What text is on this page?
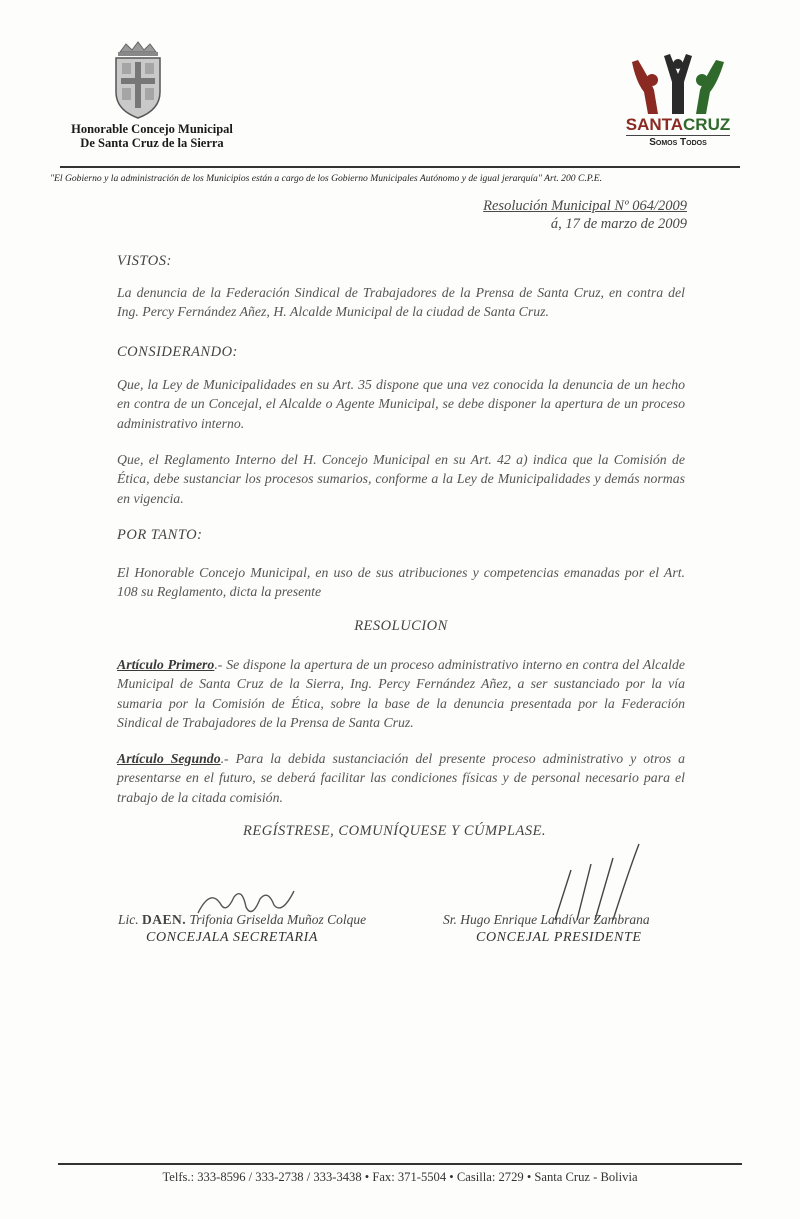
Honorable Concejo Municipal
De Santa Cruz de la Sierra
SANTACRUZ
Somos Todos
"El Gobierno y la administración de los Municipios están a cargo de los Gobierno Municipales Autónomo y de igual jerarquía" Art. 200 C.P.E.
Resolución Municipal Nº 064/2009
á, 17 de marzo de 2009
VISTOS:
La denuncia de la Federación Sindical de Trabajadores de la Prensa de Santa Cruz, en contra del Ing. Percy Fernández Añez, H. Alcalde Municipal de la ciudad de Santa Cruz.
CONSIDERANDO:
Que, la Ley de Municipalidades en su Art. 35 dispone que una vez conocida la denuncia de un hecho en contra de un Concejal, el Alcalde o Agente Municipal, se debe disponer la apertura de un proceso administrativo interno.
Que, el Reglamento Interno del H. Concejo Municipal en su Art. 42 a) indica que la Comisión de Ética, debe sustanciar los procesos sumarios, conforme a la Ley de Municipalidades y demás normas en vigencia.
POR TANTO:
El Honorable Concejo Municipal, en uso de sus atribuciones y competencias emanadas por el Art. 108 su Reglamento, dicta la presente
RESOLUCION
Artículo Primero.- Se dispone la apertura de un proceso administrativo interno en contra del Alcalde Municipal de Santa Cruz de la Sierra, Ing. Percy Fernández Añez, a ser sustanciado por la vía sumaria por la Comisión de Ética, sobre la base de la denuncia presentada por la Federación Sindical de Trabajadores de la Prensa de Santa Cruz.
Artículo Segundo.- Para la debida sustanciación del presente proceso administrativo y otros a presentarse en el futuro, se deberá facilitar las condiciones físicas y de personal necesario para el trabajo de la citada comisión.
REGÍSTRESE, COMUNÍQUESE Y CÚMPLASE.
Lic. DAEN. Trifonia Griselda Muñoz Colque
CONCEJALA SECRETARIA
Sr. Hugo Enrique Landívar Zambrana
CONCEJAL PRESIDENTE
Telfs.: 333-8596 / 333-2738 / 333-3438 • Fax: 371-5504 • Casilla: 2729 • Santa Cruz - Bolivia
